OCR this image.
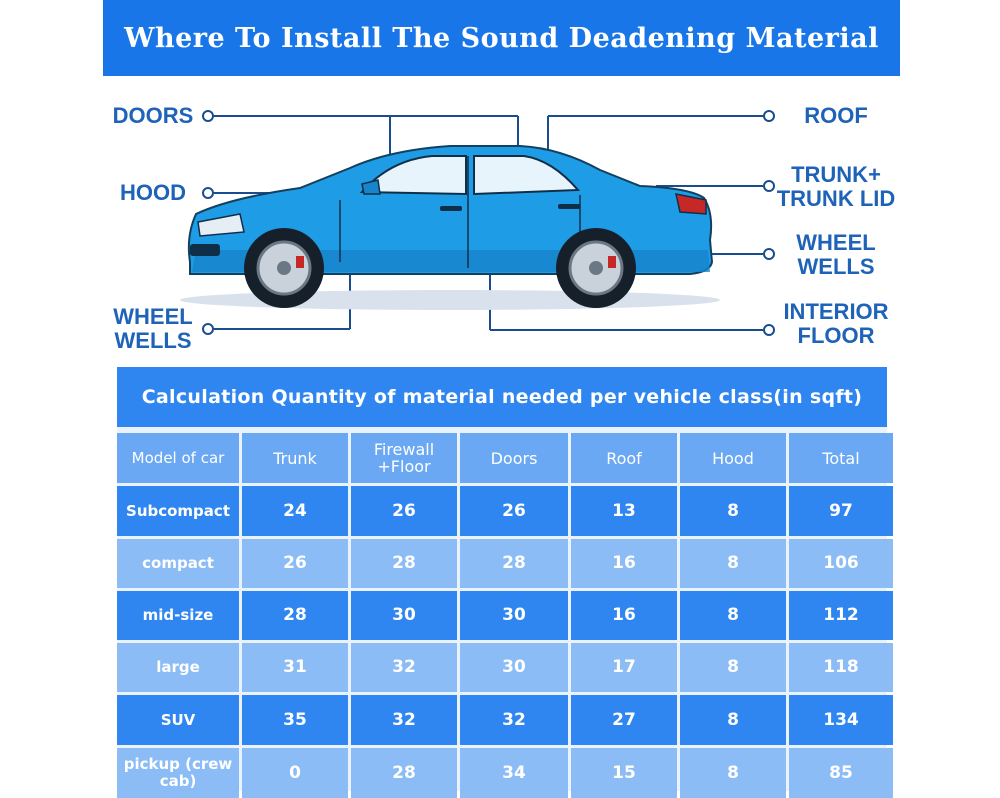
Where To Install The Sound Deadening Material
DOORS
HOOD
WHEEL
WELLS
ROOF
TRUNK+
TRUNK LID
WHEEL
WELLS
INTERIOR
FLOOR
Calculation Quantity of material needed per vehicle class(in sqft)
Model of car	Trunk	Firewall +Floor	Doors	Roof	Hood	Total
Subcompact	24	26	26	13	8	97
compact	26	28	28	16	8	106
mid-size	28	30	30	16	8	112
large	31	32	30	17	8	118
SUV	35	32	32	27	8	134
pickup (crew cab)	0	28	34	15	8	85
